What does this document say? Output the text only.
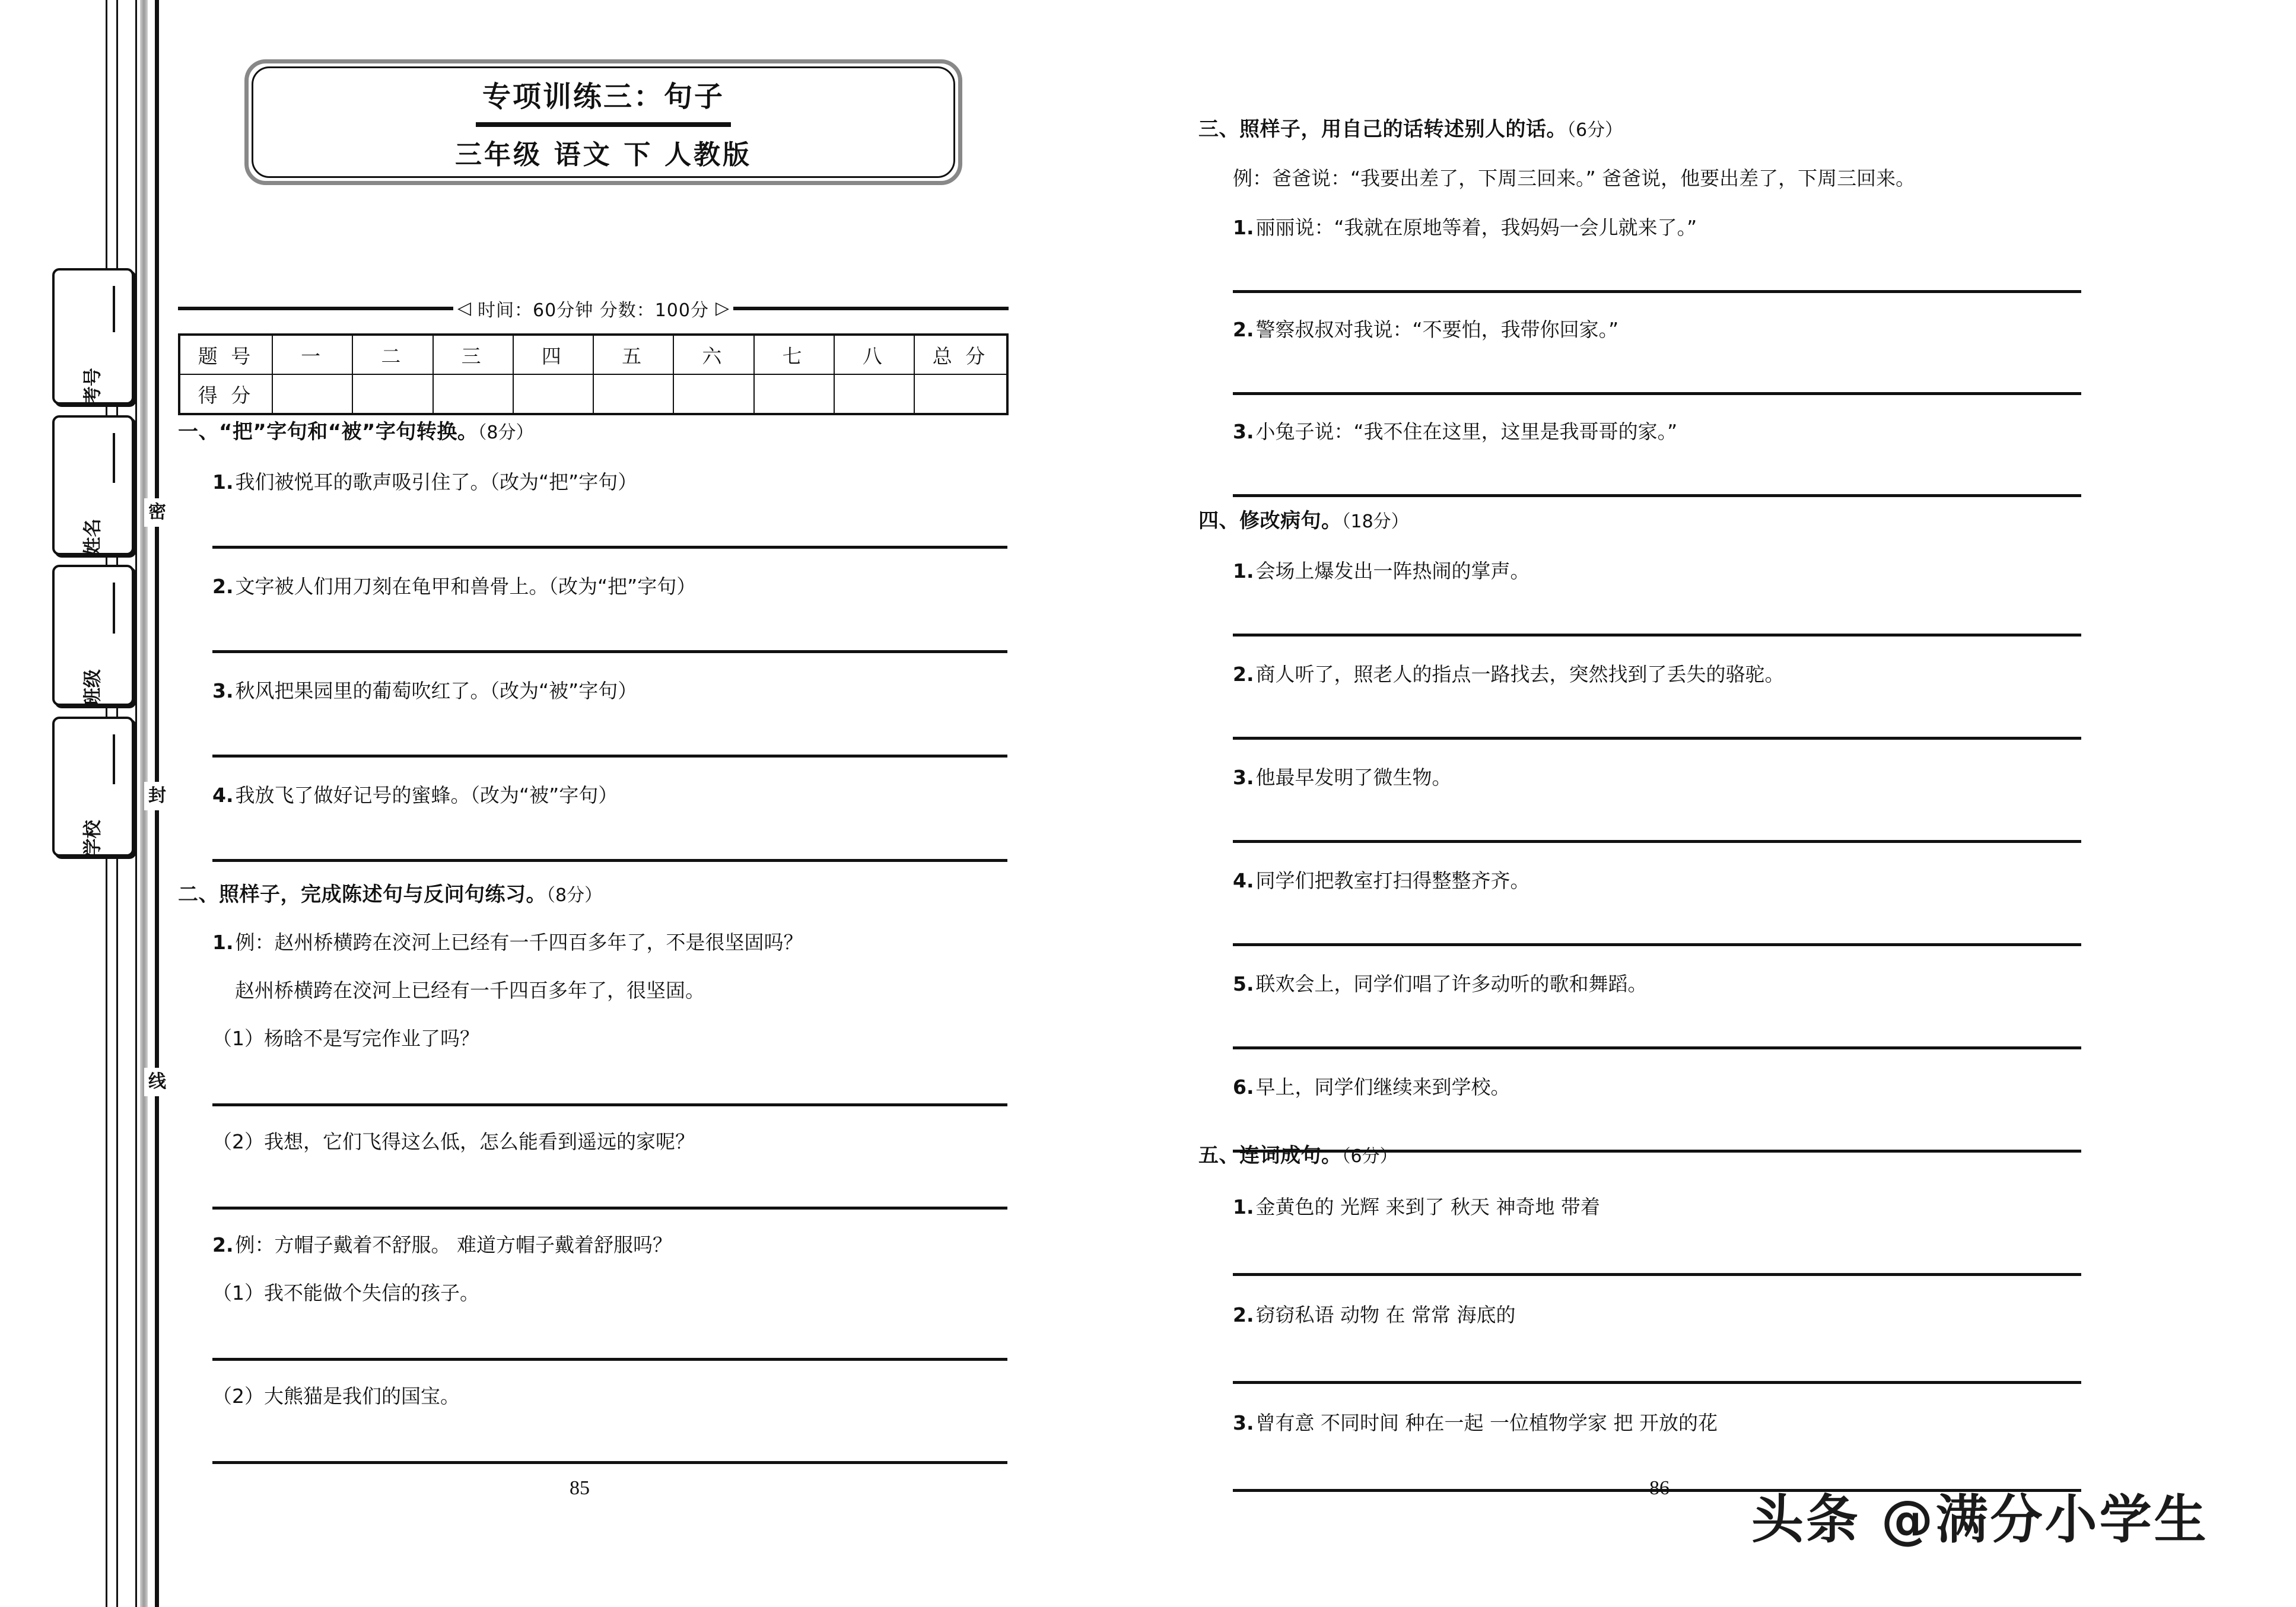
密
封
线
考号
姓名
班级
学校
专项训练三：句子
三年级 语文 下 人教版
◁ 时间：60分钟 分数：100分 ▷
题 号	一	二	三	四	五	六	七	八	总 分
得 分									
一、“把”字句和“被”字句转换。（8分）
1.我们被悦耳的歌声吸引住了。（改为“把”字句）
2.文字被人们用刀刻在龟甲和兽骨上。（改为“把”字句）
3.秋风把果园里的葡萄吹红了。（改为“被”字句）
4.我放飞了做好记号的蜜蜂。（改为“被”字句）
二、照样子，完成陈述句与反问句练习。（8分）
1.例：赵州桥横跨在洨河上已经有一千四百多年了，不是很坚固吗？
赵州桥横跨在洨河上已经有一千四百多年了，很坚固。
（1）杨晗不是写完作业了吗？
（2）我想，它们飞得这么低，怎么能看到遥远的家呢？
2.例：方帽子戴着不舒服。 难道方帽子戴着舒服吗？
（1）我不能做个失信的孩子。
（2）大熊猫是我们的国宝。
85
三、照样子，用自己的话转述别人的话。（6分）
例：爸爸说：“我要出差了，下周三回来。” 爸爸说，他要出差了，下周三回来。
1.丽丽说：“我就在原地等着，我妈妈一会儿就来了。”
2.警察叔叔对我说：“不要怕，我带你回家。”
3.小兔子说：“我不住在这里，这里是我哥哥的家。”
四、修改病句。（18分）
1.会场上爆发出一阵热闹的掌声。
2.商人听了，照老人的指点一路找去，突然找到了丢失的骆驼。
3.他最早发明了微生物。
4.同学们把教室打扫得整整齐齐。
5.联欢会上，同学们唱了许多动听的歌和舞蹈。
6.早上，同学们继续来到学校。
五、连词成句。（6分）
1.金黄色的 光辉 来到了 秋天 神奇地 带着
2.窃窃私语 动物 在 常常 海底的
3.曾有意 不同时间 种在一起 一位植物学家 把 开放的花
86
头条 @满分小学生
